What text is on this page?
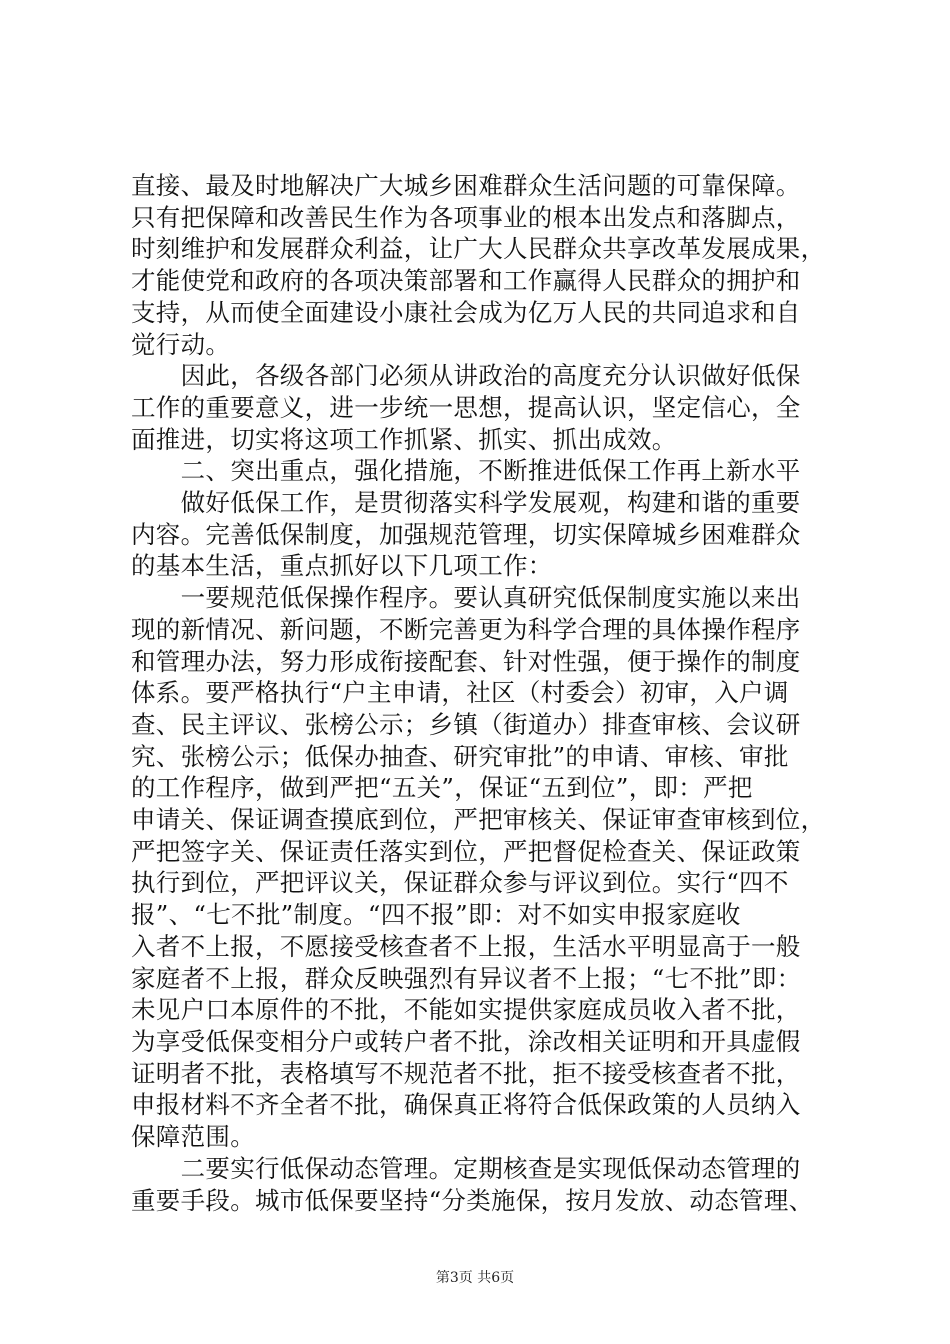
直接、最及时地解决广大城乡困难群众生活问题的可靠保障。

只有把保障和改善民生作为各项事业的根本出发点和落脚点，

时刻维护和发展群众利益，让广大人民群众共享改革发展成果，

才能使党和政府的各项决策部署和工作赢得人民群众的拥护和

支持，从而使全面建设小康社会成为亿万人民的共同追求和自

觉行动。

　　因此，各级各部门必须从讲政治的高度充分认识做好低保

工作的重要意义，进一步统一思想，提高认识，坚定信心，全

面推进，切实将这项工作抓紧、抓实、抓出成效。

　　二、突出重点，强化措施，不断推进低保工作再上新水平

　　做好低保工作，是贯彻落实科学发展观，构建和谐的重要

内容。完善低保制度，加强规范管理，切实保障城乡困难群众

的基本生活，重点抓好以下几项工作：

　　一要规范低保操作程序。要认真研究低保制度实施以来出

现的新情况、新问题，不断完善更为科学合理的具体操作程序

和管理办法，努力形成衔接配套、针对性强，便于操作的制度

体系。要严格执行“户主申请，社区（村委会）初审，入户调

查、民主评议、张榜公示；乡镇（街道办）排查审核、会议研

究、张榜公示；低保办抽查、研究审批”的申请、审核、审批

的工作程序，做到严把“五关”，保证“五到位”，即：严把

申请关、保证调查摸底到位，严把审核关、保证审查审核到位，

严把签字关、保证责任落实到位，严把督促检查关、保证政策

执行到位，严把评议关，保证群众参与评议到位。实行“四不

报”、“七不批”制度。“四不报”即：对不如实申报家庭收

入者不上报，不愿接受核查者不上报，生活水平明显高于一般

家庭者不上报，群众反映强烈有异议者不上报；“七不批”即：

未见户口本原件的不批，不能如实提供家庭成员收入者不批，

为享受低保变相分户或转户者不批，涂改相关证明和开具虚假

证明者不批，表格填写不规范者不批，拒不接受核查者不批，

申报材料不齐全者不批，确保真正将符合低保政策的人员纳入

保障范围。

　　二要实行低保动态管理。定期核查是实现低保动态管理的

重要手段。城市低保要坚持“分类施保，按月发放、动态管理、

第3页 共6页
